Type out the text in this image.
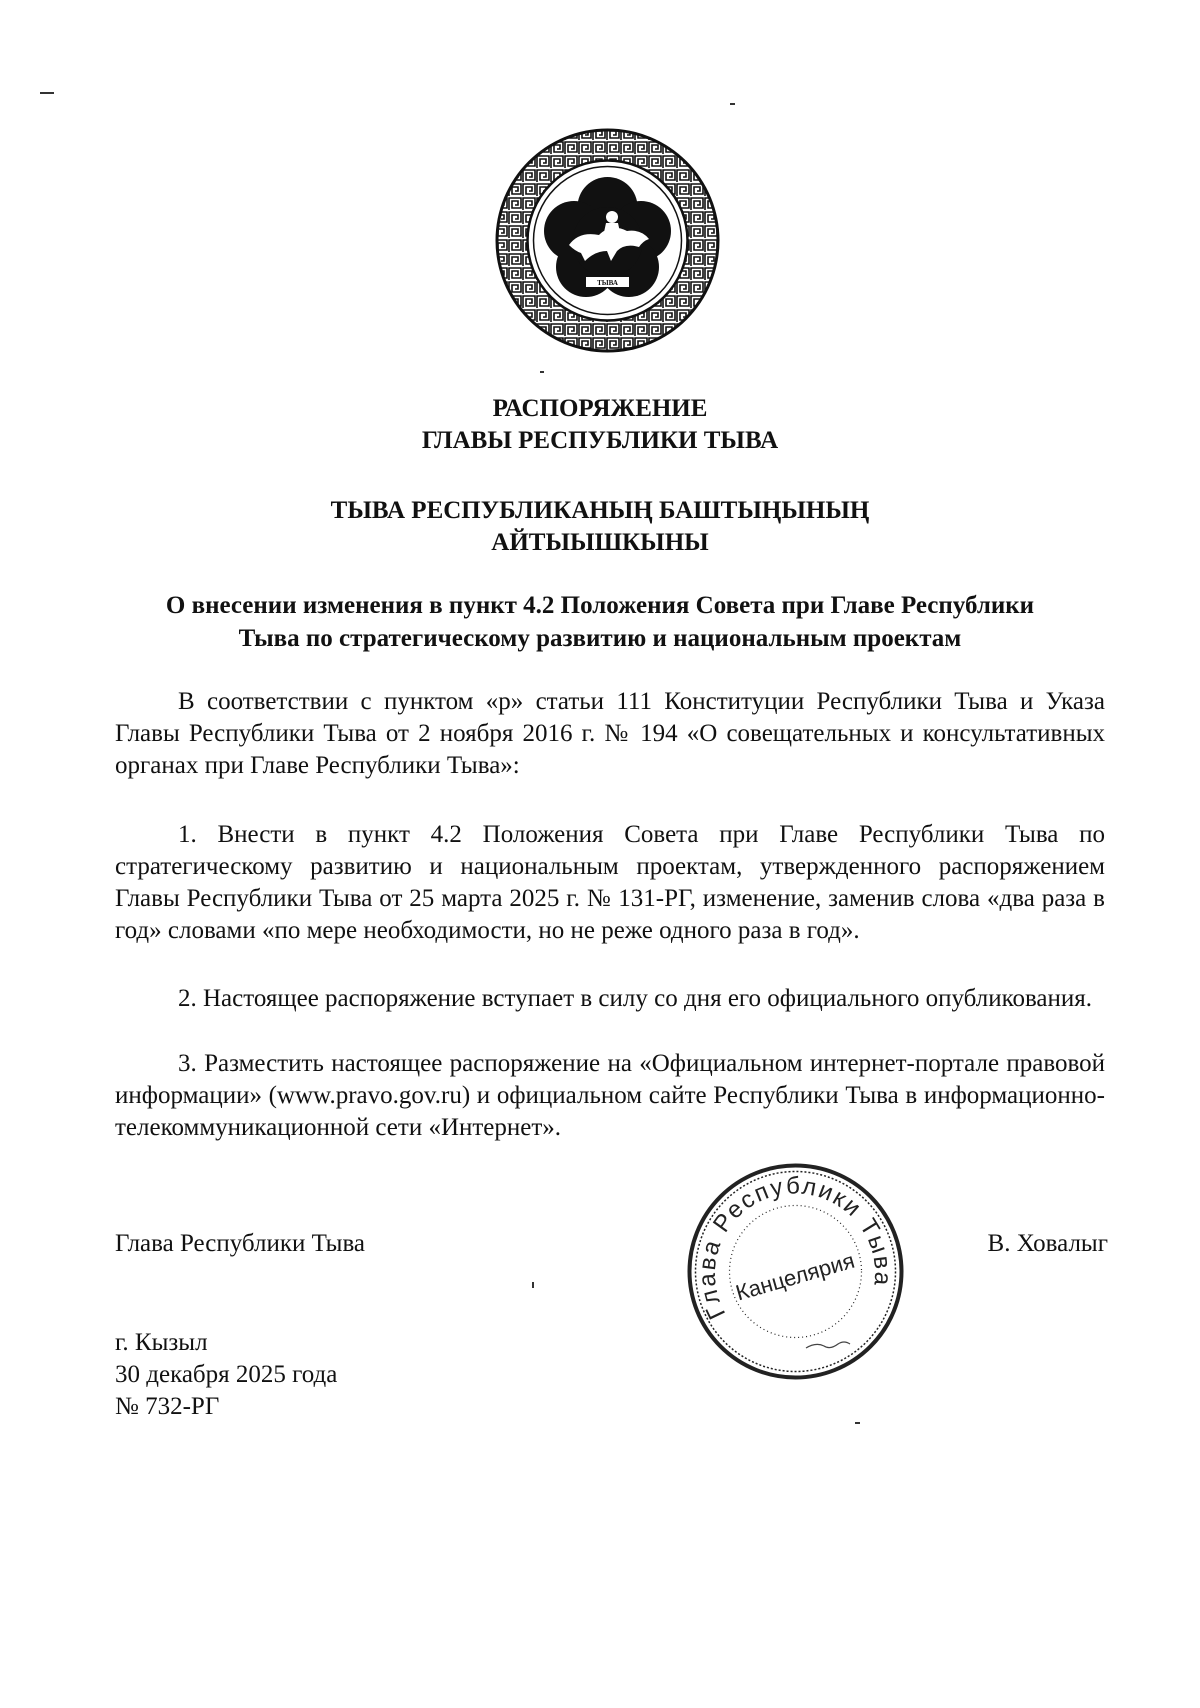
ТЫВА
РАСПОРЯЖЕНИЕ
ГЛАВЫ РЕСПУБЛИКИ ТЫВА
ТЫВА РЕСПУБЛИКАНЫҢ БАШТЫҢЫНЫҢ
АЙТЫЫШКЫНЫ
О внесении изменения в пункт 4.2 Положения Совета при Главе Республики
Тыва по стратегическому развитию и национальным проектам
В соответствии с пунктом «р» статьи 111 Конституции Республики Тыва и Указа Главы Республики Тыва от 2 ноября 2016 г. № 194 «О совещательных и консультативных органах при Главе Республики Тыва»:
1. Внести в пункт 4.2 Положения Совета при Главе Республики Тыва по стратегическому развитию и национальным проектам, утвержденного распоряжением Главы Республики Тыва от 25 марта 2025 г. № 131-РГ, изменение, заменив слова «два раза в год» словами «по мере необходимости, но не реже одного раза в год».
2. Настоящее распоряжение вступает в силу со дня его официального опубликования.
3. Разместить настоящее распоряжение на «Официальном интернет-портале правовой информации» (www.pravo.gov.ru) и официальном сайте Республики Тыва в информационно-телекоммуникационной сети «Интернет».
Глава Республики Тыва	В. Ховалыг
Глава Республики Тыва
Канцелярия
г. Кызыл
30 декабря 2025 года
№ 732-РГ
